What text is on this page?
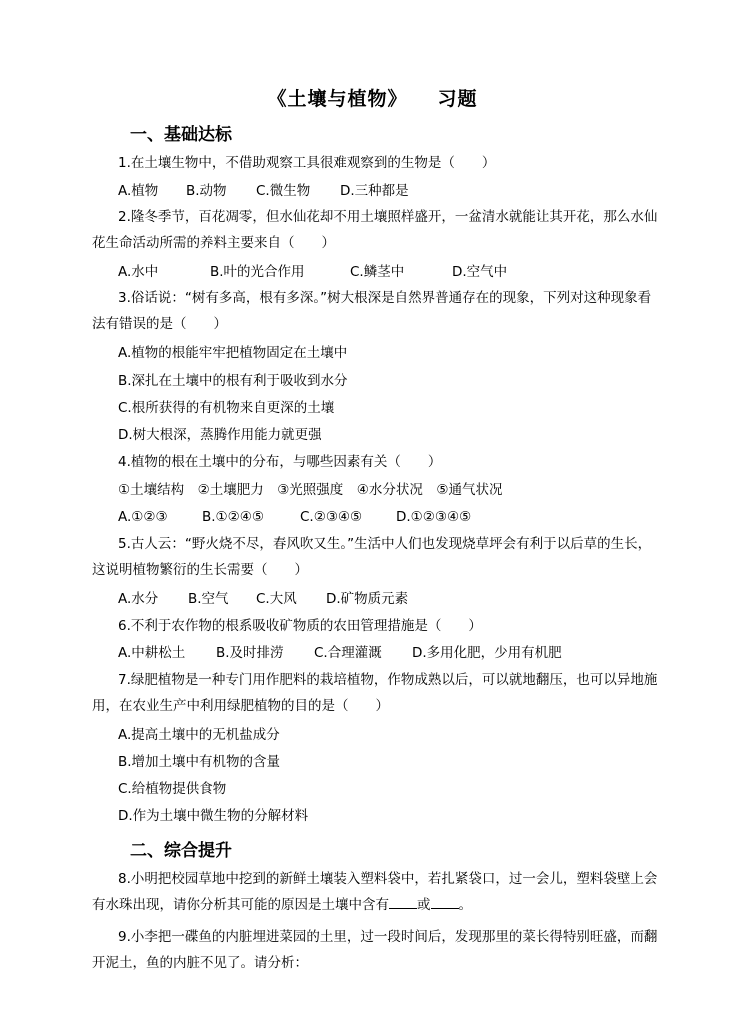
《土壤与植物》 习题
一、基础达标
1.在土壤生物中，不借助观察工具很难观察到的生物是（　　）
A.植物 B.动物 C.微生物 D.三种都是
2.隆冬季节，百花凋零，但水仙花却不用土壤照样盛开，一盆清水就能让其开花，那么水仙花生命活动所需的养料主要来自（　　）
A.水中	B.叶的光合作用	C.鳞茎中	D.空气中
3.俗话说：“树有多高，根有多深。”树大根深是自然界普通存在的现象，下列对这种现象看法有错误的是（　　）
A.植物的根能牢牢把植物固定在土壤中
B.深扎在土壤中的根有利于吸收到水分
C.根所获得的有机物来自更深的土壤
D.树大根深，蒸腾作用能力就更强
4.植物的根在土壤中的分布，与哪些因素有关（　　）
①土壤结构　②土壤肥力　③光照强度　④水分状况　⑤通气状况
A.①②③	B.①②④⑤	C.②③④⑤	D.①②③④⑤
5.古人云：“野火烧不尽，春风吹又生。”生活中人们也发现烧草坪会有利于以后草的生长，这说明植物繁衍的生长需要（　　）
A.水分 B.空气 C.大风 D.矿物质元素
6.不利于农作物的根系吸收矿物质的农田管理措施是（　　）
A.中耕松土 B.及时排涝 C.合理灌溉 D.多用化肥，少用有机肥
7.绿肥植物是一种专门用作肥料的栽培植物，作物成熟以后，可以就地翻压，也可以异地施用，在农业生产中利用绿肥植物的目的是（　　）
A.提高土壤中的无机盐成分
B.增加土壤中有机物的含量
C.给植物提供食物
D.作为土壤中微生物的分解材料
二、综合提升
8.小明把校园草地中挖到的新鲜土壤装入塑料袋中，若扎紧袋口，过一会儿，塑料袋壁上会有水珠出现，请你分析其可能的原因是土壤中含有 或 。
9.小李把一碟鱼的内脏埋进菜园的土里，过一段时间后，发现那里的菜长得特别旺盛，而翻开泥土，鱼的内脏不见了。请分析：
